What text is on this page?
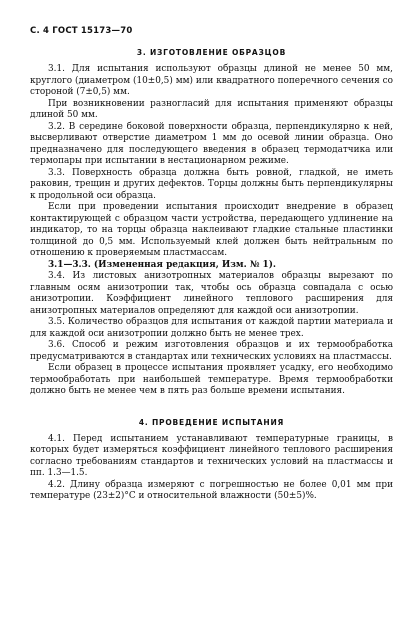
С. 4 ГОСТ 15173—70
3. ИЗГОТОВЛЕНИЕ ОБРАЗЦОВ

3.1. Для испытания используют образцы длиной не менее 50 мм, круглого (диаметром (10±0,5) мм) или квадратного поперечного сечения со стороной (7±0,5) мм.

При возникновении разногласий для испытания применяют образцы длиной 50 мм.

3.2. В середине боковой поверхности образца, перпендикулярно к ней, высверливают отверстие диаметром 1 мм до осевой линии образца. Оно предназначено для последующего введения в образец термодатчика или термопары при испытании в нестационарном режиме.

3.3. Поверхность образца должна быть ровной, гладкой, не иметь раковин, трещин и других дефектов. Торцы должны быть перпендикулярны к продольной оси образца.

Если при проведении испытания происходит внедрение в образец контактирующей с образцом части устройства, передающего удлинение на индикатор, то на торцы образца наклеивают гладкие стальные пластинки толщиной до 0,5 мм. Используемый клей должен быть нейтральным по отношению к проверяемым пластмассам.

3.1—3.3. (Измененная редакция, Изм. № 1).

3.4. Из листовых анизотропных материалов образцы вырезают по главным осям анизотропии так, чтобы ось образца совпадала с осью анизотропии. Коэффициент линейного теплового расширения для анизотропных материалов определяют для каждой оси анизотропии.

3.5. Количество образцов для испытания от каждой партии материала и для каждой оси анизотропии должно быть не менее трех.

3.6. Способ и режим изготовления образцов и их термообработка предусматриваются в стандартах или технических условиях на пластмассы.

Если образец в процессе испытания проявляет усадку, его необходимо термообработать при наибольшей температуре. Время термообработки должно быть не менее чем в пять раз больше времени испытания.

4. ПРОВЕДЕНИЕ ИСПЫТАНИЯ

4.1. Перед испытанием устанавливают температурные границы, в которых будет измеряться коэффициент линейного теплового расширения согласно требованиям стандартов и технических условий на пластмассы и пп. 1.3—1.5.

4.2. Длину образца измеряют с погрешностью не более 0,01 мм при температуре (23±2)°С и относительной влажности (50±5)%.
